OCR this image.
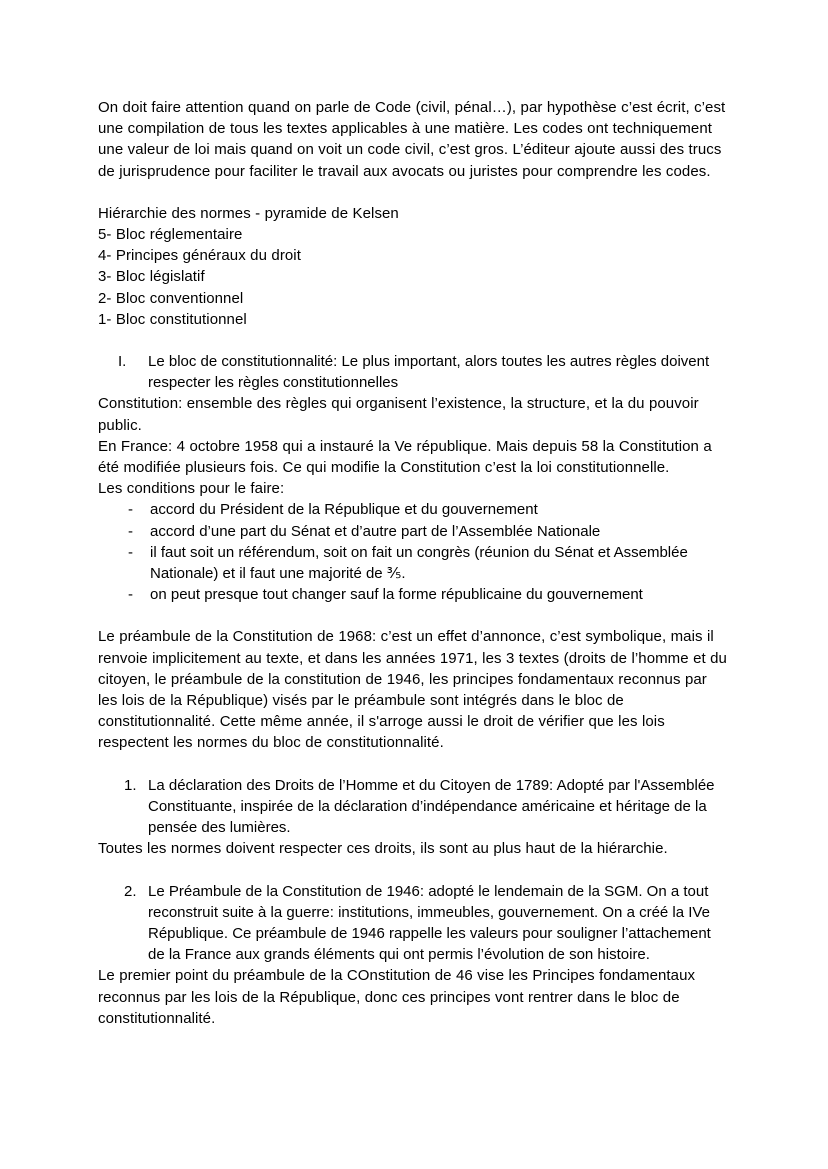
On doit faire attention quand on parle de Code (civil, pénal…), par hypothèse c’est écrit, c’est une compilation de tous les textes applicables à une matière. Les codes ont techniquement une valeur de loi mais quand on voit un code civil, c’est gros. L’éditeur ajoute aussi des trucs de jurisprudence pour faciliter le travail aux avocats ou juristes pour comprendre les codes.

Hiérarchie des normes - pyramide de Kelsen

5- Bloc réglementaire

4- Principes généraux du droit

3- Bloc législatif

2- Bloc conventionnel

1- Bloc constitutionnel

I.	Le bloc de constitutionnalité: Le plus important, alors toutes les autres règles doivent respecter les règles constitutionnelles

Constitution: ensemble des règles qui organisent l’existence, la structure, et la du pouvoir public.

En France: 4 octobre 1958 qui a instauré la Ve république. Mais depuis 58 la Constitution a été modifiée plusieurs fois. Ce qui modifie la Constitution c’est la loi constitutionnelle.

Les conditions pour le faire:

-	accord du Président de la République et du gouvernement
-	accord d’une part du Sénat et d’autre part de l’Assemblée Nationale
-	il faut soit un référendum, soit on fait un congrès (réunion du Sénat et Assemblée Nationale) et il faut une majorité de ⅗.
-	on peut presque tout changer sauf la forme républicaine du gouvernement

Le préambule de la Constitution de 1968: c’est un effet d’annonce, c’est symbolique, mais il renvoie implicitement au texte, et dans les années 1971, les 3 textes (droits de l’homme et du citoyen, le préambule de la constitution de 1946, les principes fondamentaux reconnus par les lois de la République) visés par le préambule sont intégrés dans le bloc de constitutionnalité. Cette même année, il s'arroge aussi le droit de vérifier que les lois respectent les normes du bloc de constitutionnalité.

1. La déclaration des Droits de l’Homme et du Citoyen de 1789: Adopté par l'Assemblée Constituante, inspirée de la déclaration d’indépendance américaine et héritage de la pensée des lumières.

Toutes les normes doivent respecter ces droits, ils sont au plus haut de la hiérarchie.

2. Le Préambule de la Constitution de 1946: adopté le lendemain de la SGM. On a tout reconstruit suite à la guerre: institutions, immeubles, gouvernement. On a créé la IVe République. Ce préambule de 1946 rappelle les valeurs pour souligner l’attachement de la France aux grands éléments qui ont permis l’évolution de son histoire.

Le premier point du préambule de la COnstitution de 46 vise les Principes fondamentaux reconnus par les lois de la République, donc ces principes vont rentrer dans le bloc de constitutionnalité.
